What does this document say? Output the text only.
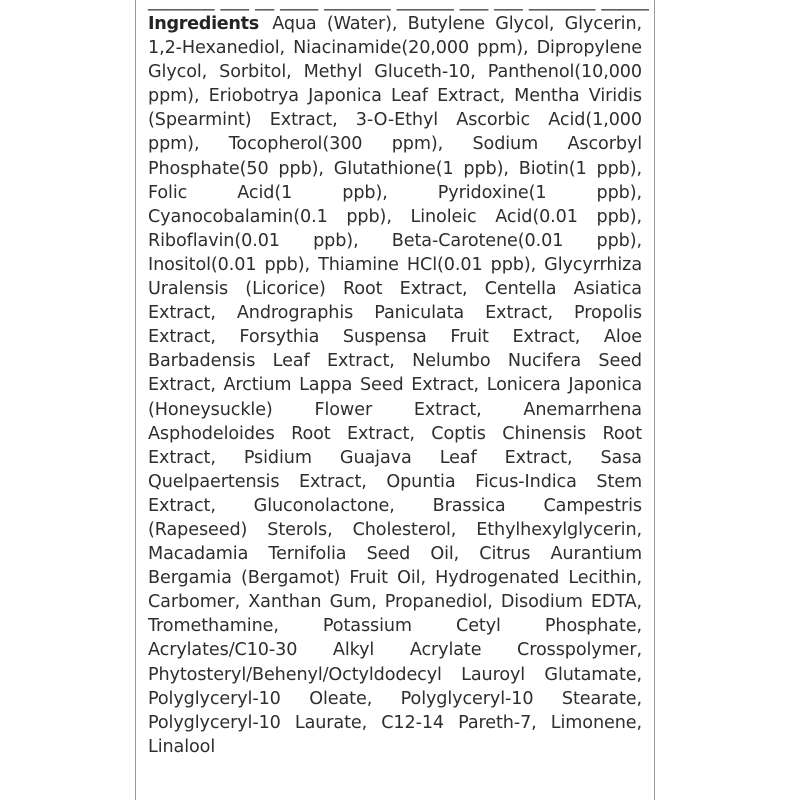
_______ ___ __ ____ _______ ______ ___ ___ _______ _____
Ingredients Aqua (Water), Butylene Glycol, Glycerin, 1,2-Hexanediol, Niacinamide(20,000 ppm), Dipropylene Glycol, Sorbitol, Methyl Gluceth-10, Panthenol(10,000 ppm), Eriobotrya Japonica Leaf Extract, Mentha Viridis (Spearmint) Extract, 3-O-Ethyl Ascorbic Acid(1,000 ppm), Tocopherol(300 ppm), Sodium Ascorbyl Phosphate(50 ppb), Glutathione(1 ppb), Biotin(1 ppb), Folic Acid(1 ppb), Pyridoxine(1 ppb), Cyanocobalamin(0.1 ppb), Linoleic Acid(0.01 ppb), Riboflavin(0.01 ppb), Beta-Carotene(0.01 ppb), Inositol(0.01 ppb), Thiamine HCl(0.01 ppb), Glycyrrhiza Uralensis (Licorice) Root Extract, Centella Asiatica Extract, Andrographis Paniculata Extract, Propolis Extract, Forsythia Suspensa Fruit Extract, Aloe Barbadensis Leaf Extract, Nelumbo Nucifera Seed Extract, Arctium Lappa Seed Extract, Lonicera Japonica (Honeysuckle) Flower Extract, Anemarrhena Asphodeloides Root Extract, Coptis Chinensis Root Extract, Psidium Guajava Leaf Extract, Sasa Quelpaertensis Extract, Opuntia Ficus-Indica Stem Extract, Gluconolactone, Brassica Campestris (Rapeseed) Sterols, Cholesterol, Ethylhexylglycerin, Macadamia Ternifolia Seed Oil, Citrus Aurantium Bergamia (Bergamot) Fruit Oil, Hydrogenated Lecithin, Carbomer, Xanthan Gum, Propanediol, Disodium EDTA, Tromethamine, Potassium Cetyl Phosphate, Acrylates/C10-30 Alkyl Acrylate Crosspolymer, Phytosteryl/Behenyl/Octyldodecyl Lauroyl Glutamate, Polyglyceryl-10 Oleate, Polyglyceryl-10 Stearate, Polyglyceryl-10 Laurate, C12-14 Pareth-7, Limonene, Linalool
